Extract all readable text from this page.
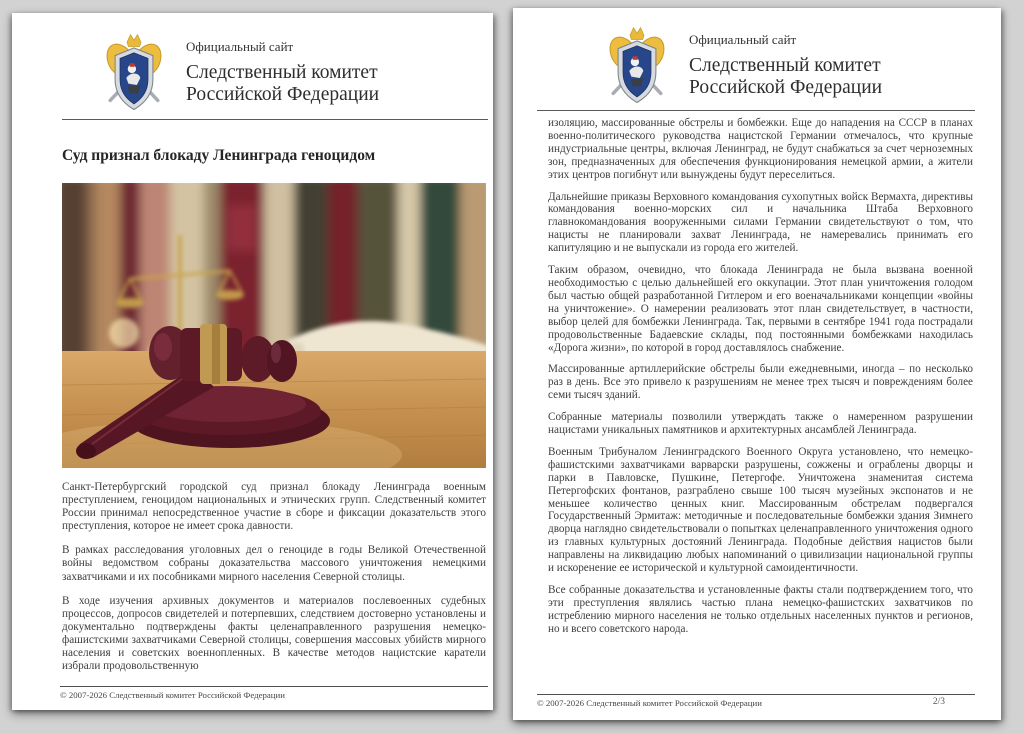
Официальный сайт

Следственный комитет
Российской Федерации
Суд признал блокаду Ленинграда геноцидом

Санкт-Петербургский городской суд признал блокаду Ленинграда военным преступлением, геноцидом национальных и этнических групп. Следственный комитет России принимал непосредственное участие в сборе и фиксации доказательств этого преступления, которое не имеет срока давности.

В рамках расследования уголовных дел о геноциде в годы Великой Отечественной войны ведомством собраны доказательства массового уничтожения немецкими захватчиками и их пособниками мирного населения Северной столицы.

В ходе изучения архивных документов и материалов послевоенных судебных процессов, допросов свидетелей и потерпевших, следствием достоверно установлены и документально подтверждены факты целенаправленного разрушения немецко-фашистскими захватчиками Северной столицы, совершения массовых убийств мирного населения и советских военнопленных. В качестве методов нацистские каратели избрали продовольственную

© 2007-2026 Следственный комитет Российской Федерации

Официальный сайт

Следственный комитет
Российской Федерации

изоляцию, массированные обстрелы и бомбежки. Еще до нападения на СССР в планах военно-политического руководства нацистской Германии отмечалось, что крупные индустриальные центры, включая Ленинград, не будут снабжаться за счет черноземных зон, предназначенных для обеспечения функционирования немецкой армии, а жители этих центров погибнут или вынуждены будут переселиться.

Дальнейшие приказы Верховного командования сухопутных войск Вермахта, директивы командования военно-морских сил и начальника Штаба Верховного главнокомандования вооруженными силами Германии свидетельствуют о том, что нацисты не планировали захват Ленинграда, не намеревались принимать его капитуляцию и не выпускали из города его жителей.

Таким образом, очевидно, что блокада Ленинграда не была вызвана военной необходимостью с целью дальнейшей его оккупации. Этот план уничтожения голодом был частью общей разработанной Гитлером и его военачальниками концепции «войны на уничтожение». О намерении реализовать этот план свидетельствует, в частности, выбор целей для бомбежки Ленинграда. Так, первыми в сентябре 1941 года пострадали продовольственные Бадаевские склады, под постоянными бомбежками находилась «Дорога жизни», по которой в город доставлялось снабжение.

Массированные артиллерийские обстрелы были ежедневными, иногда – по несколько раз в день. Все это привело к разрушениям не менее трех тысяч и повреждениям более семи тысяч зданий.

Собранные материалы позволили утверждать также о намеренном разрушении нацистами уникальных памятников и архитектурных ансамблей Ленинграда.

Военным Трибуналом Ленинградского Военного Округа установлено, что немецко-фашистскими захватчиками варварски разрушены, сожжены и ограблены дворцы и парки в Павловске, Пушкине, Петергофе. Уничтожена знаменитая система Петергофских фонтанов, разграблено свыше 100 тысяч музейных экспонатов и не меньшее количество ценных книг. Массированным обстрелам подвергался Государственный Эрмитаж: методичные и последовательные бомбежки здания Зимнего дворца наглядно свидетельствовали о попытках целенаправленного уничтожения одного из главных культурных достояний Ленинграда. Подобные действия нацистов были направлены на ликвидацию любых напоминаний о цивилизации национальной группы и искоренение ее исторической и культурной самоидентичности.

Все собранные доказательства и установленные факты стали подтверждением того, что эти преступления являлись частью плана немецко-фашистских захватчиков по истреблению мирного населения не только отдельных населенных пунктов и регионов, но и всего советского народа.

© 2007-2026 Следственный комитет Российской Федерации	2/3
